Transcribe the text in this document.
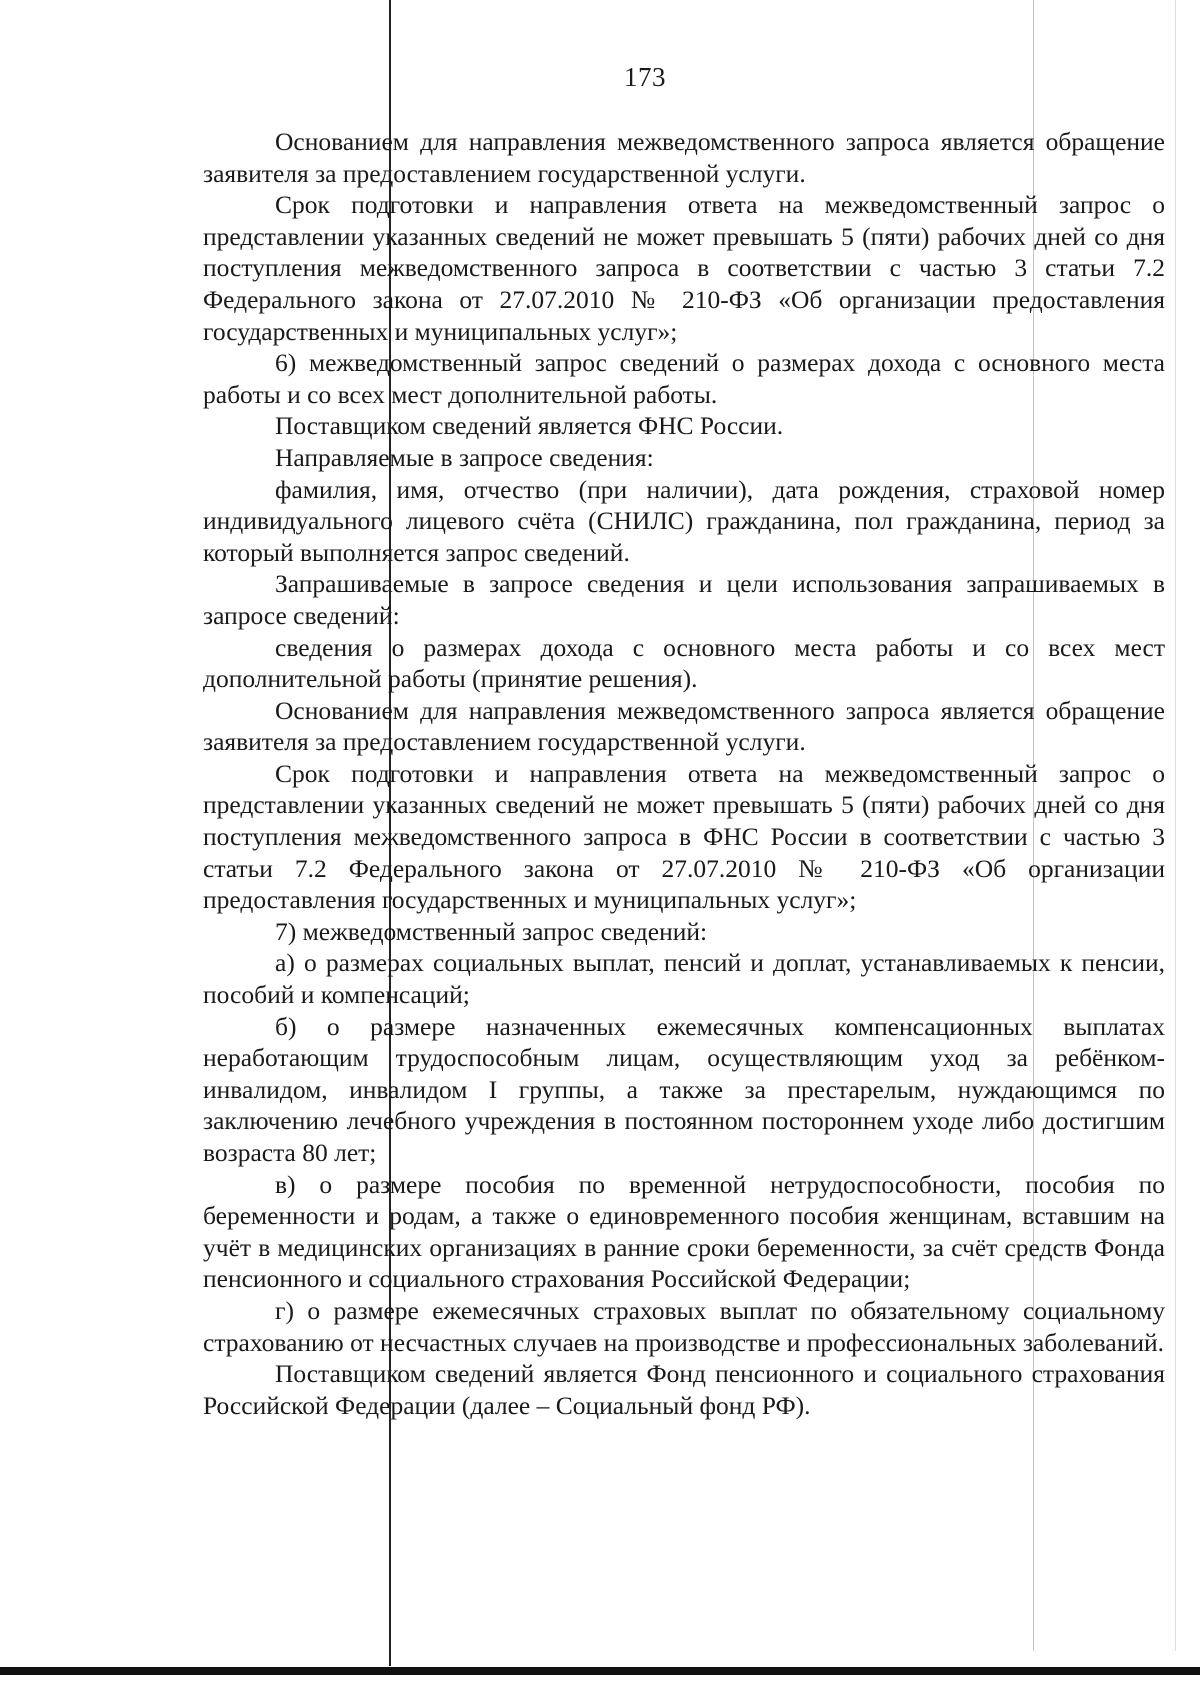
173

Основанием для направления межведомственного запроса является обращение заявителя за предоставлением государственной услуги.

Срок подготовки и направления ответа на межведомственный запрос о представлении указанных сведений не может превышать 5 (пяти) рабочих дней со дня поступления межведомственного запроса в соответствии с частью 3 статьи 7.2 Федерального закона от 27.07.2010 № 210-ФЗ «Об организации предоставления государственных и муниципальных услуг»;

6) межведомственный запрос сведений о размерах дохода с основного места работы и со всех мест дополнительной работы.

Поставщиком сведений является ФНС России.

Направляемые в запросе сведения:

фамилия, имя, отчество (при наличии), дата рождения, страховой номер индивидуального лицевого счёта (СНИЛС) гражданина, пол гражданина, период за который выполняется запрос сведений.

Запрашиваемые в запросе сведения и цели использования запрашиваемых в запросе сведений:

сведения о размерах дохода с основного места работы и со всех мест дополнительной работы (принятие решения).

Основанием для направления межведомственного запроса является обращение заявителя за предоставлением государственной услуги.

Срок подготовки и направления ответа на межведомственный запрос о представлении указанных сведений не может превышать 5 (пяти) рабочих дней со дня поступления межведомственного запроса в ФНС России в соответствии с частью 3 статьи 7.2 Федерального закона от 27.07.2010 № 210-ФЗ «Об организации предоставления государственных и муниципальных услуг»;

7) межведомственный запрос сведений:

а) о размерах социальных выплат, пенсий и доплат, устанавливаемых к пенсии, пособий и компенсаций;

б) о размере назначенных ежемесячных компенсационных выплатах неработающим трудоспособным лицам, осуществляющим уход за ребёнком-инвалидом, инвалидом I группы, а также за престарелым, нуждающимся по заключению лечебного учреждения в постоянном постороннем уходе либо достигшим возраста 80 лет;

в) о размере пособия по временной нетрудоспособности, пособия по беременности и родам, а также о единовременного пособия женщинам, вставшим на учёт в медицинских организациях в ранние сроки беременности, за счёт средств Фонда пенсионного и социального страхования Российской Федерации;

г) о размере ежемесячных страховых выплат по обязательному социальному страхованию от несчастных случаев на производстве и профессиональных заболеваний.

Поставщиком сведений является Фонд пенсионного и социального страхования Российской Федерации (далее – Социальный фонд РФ).
